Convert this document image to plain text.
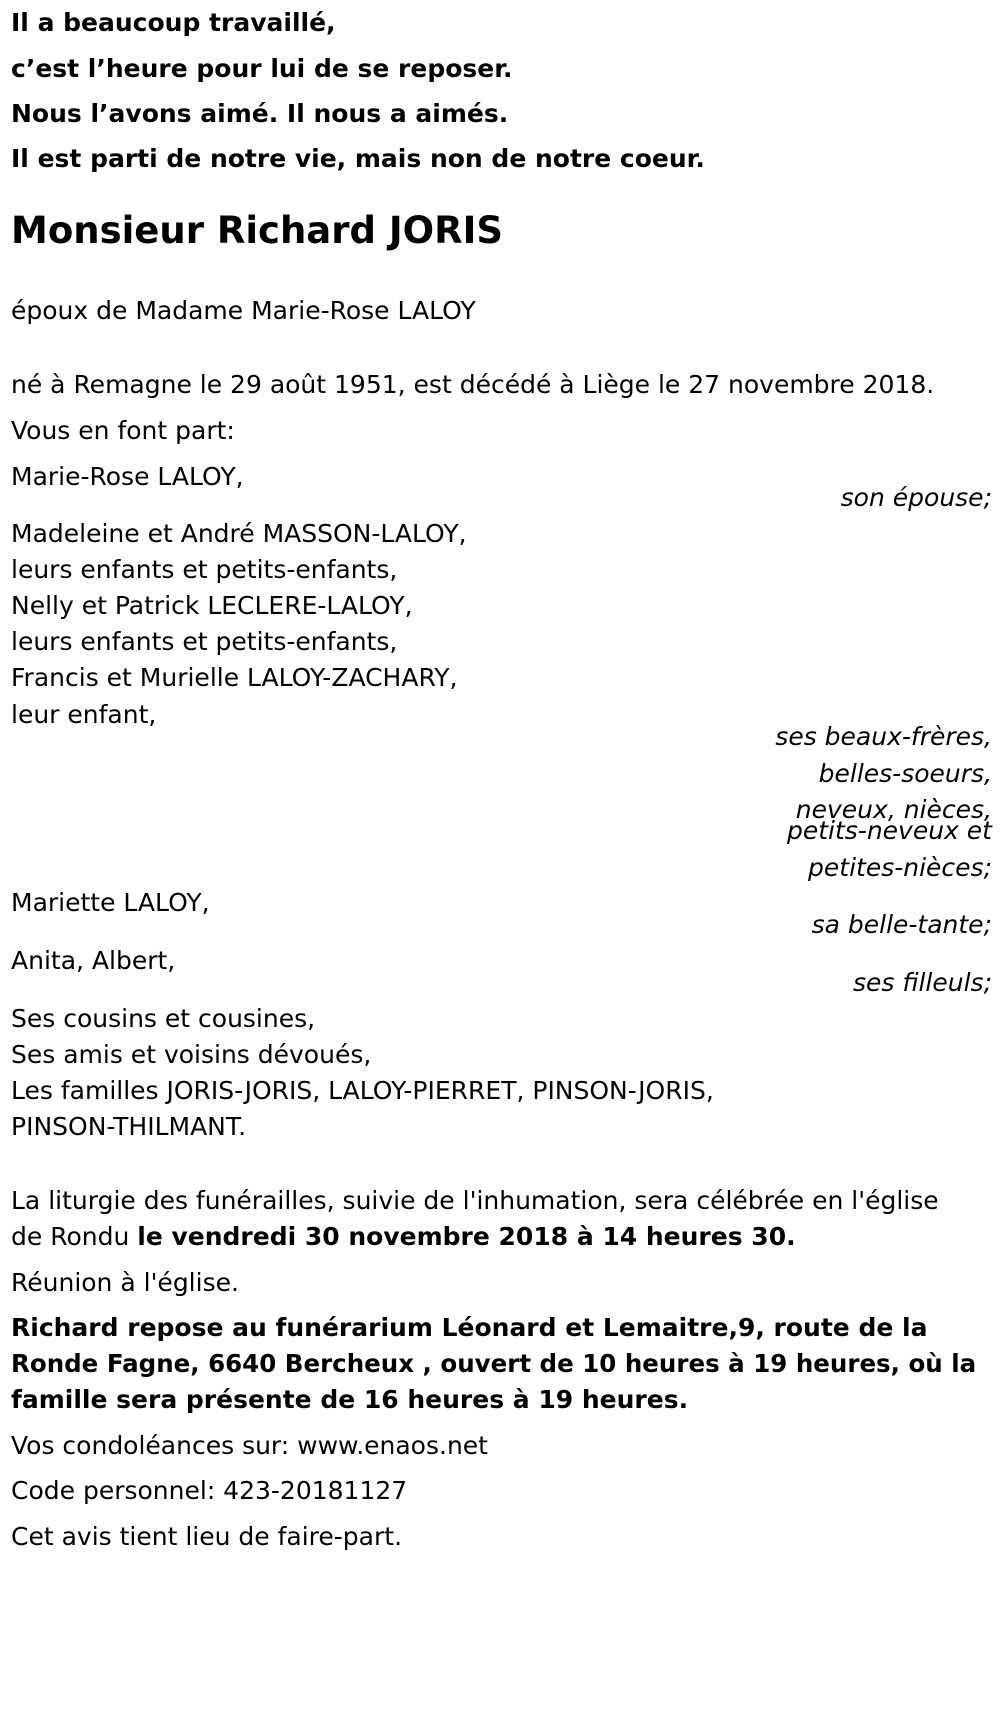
Il a beaucoup travaillé,
c’est l’heure pour lui de se reposer.
Nous l’avons aimé. Il nous a aimés.
Il est parti de notre vie, mais non de notre coeur.
Monsieur Richard JORIS
époux de Madame Marie-Rose LALOY
né à Remagne le 29 août 1951, est décédé à Liège le 27 novembre 2018.
Vous en font part:
Marie-Rose LALOY,
son épouse;
Madeleine et André MASSON-LALOY,
leurs enfants et petits-enfants,
Nelly et Patrick LECLERE-LALOY,
leurs enfants et petits-enfants,
Francis et Murielle LALOY-ZACHARY,
leur enfant,
ses beaux-frères,
belles-soeurs,
neveux, nièces,
petits-neveux et
petites-nièces;
Mariette LALOY,
sa belle-tante;
Anita, Albert,
ses filleuls;
Ses cousins et cousines,
Ses amis et voisins dévoués,
Les familles JORIS-JORIS, LALOY-PIERRET, PINSON-JORIS,
PINSON-THILMANT.
La liturgie des funérailles, suivie de l'inhumation, sera célébrée en l'église
de Rondu le vendredi 30 novembre 2018 à 14 heures 30.
Réunion à l'église.
Richard repose au funérarium Léonard et Lemaitre,9, route de la
Ronde Fagne, 6640 Bercheux , ouvert de 10 heures à 19 heures, où la
famille sera présente de 16 heures à 19 heures.
Vos condoléances sur: www.enaos.net
Code personnel: 423-20181127
Cet avis tient lieu de faire-part.
